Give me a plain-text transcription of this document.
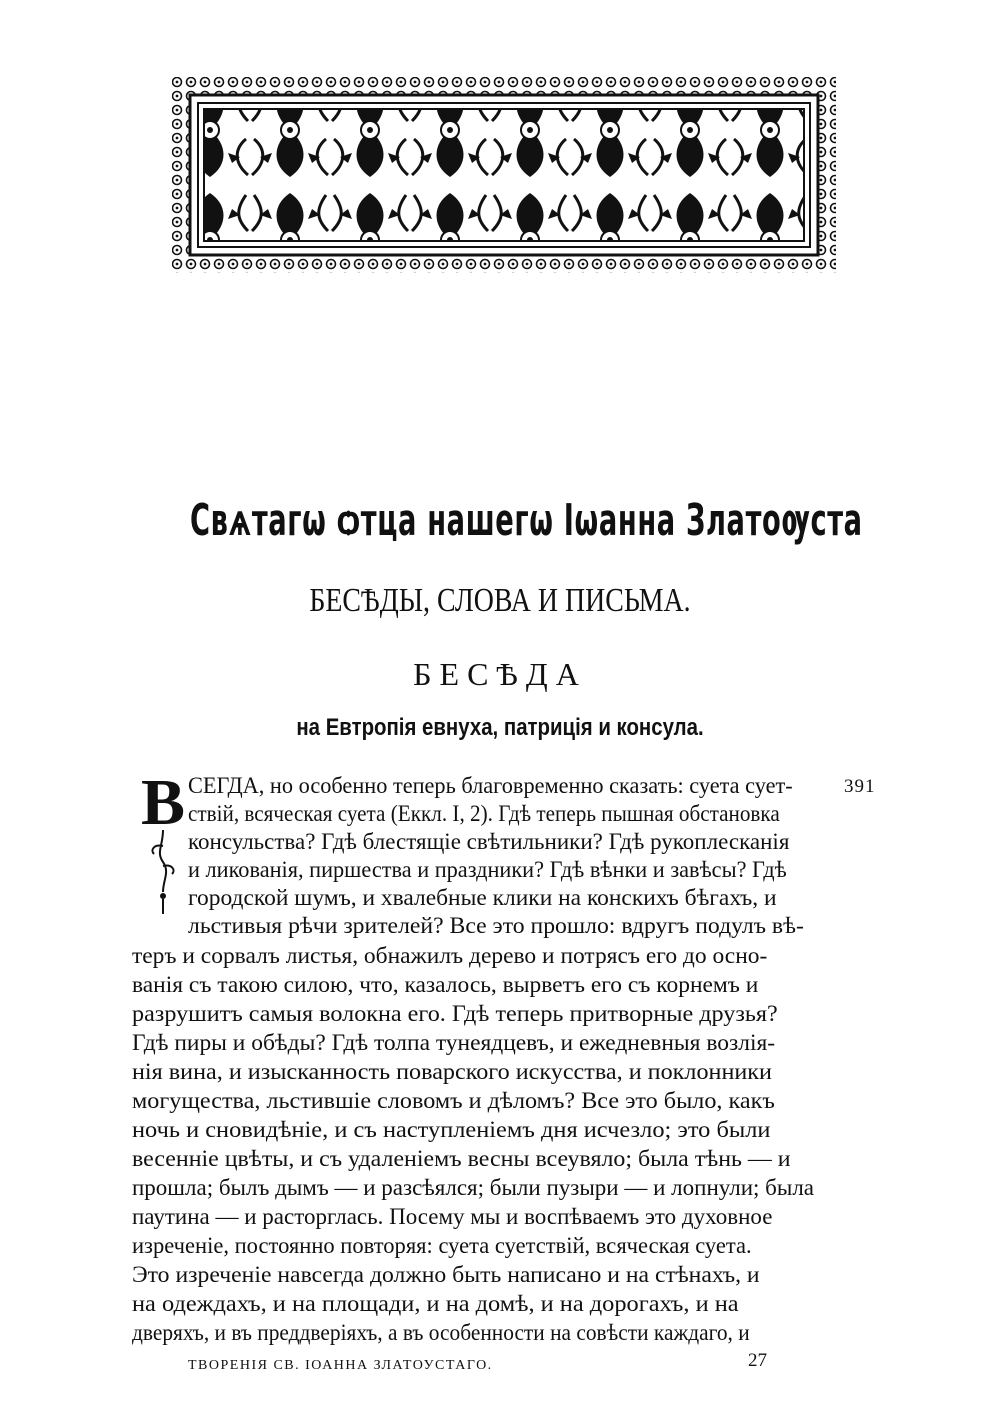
Свѧтагѡ ѻтца нашегѡ Іѡанна Златоѹста
БЕСѢДЫ, СЛОВА И ПИСЬМА.
БЕСѢДА
на Евтропія евнуха, патриція и консула.
В	391
СЕГДА, но особенно теперь благовременно сказать: суета сует-
ствій, всяческая суета (Еккл. I, 2). Гдѣ теперь пышная обстановка
консульства? Гдѣ блестящіе свѣтильники? Гдѣ рукоплесканія
и ликованія, пиршества и праздники? Гдѣ вѣнки и завѣсы? Гдѣ
городской шумъ, и хвалебные клики на конскихъ бѣгахъ, и
льстивыя рѣчи зрителей? Все это прошло: вдругъ подулъ вѣ-
теръ и сорвалъ листья, обнажилъ дерево и потрясъ его до осно-
ванія съ такою силою, что, казалось, вырветъ его съ корнемъ и
разрушитъ самыя волокна его. Гдѣ теперь притворные друзья?
Гдѣ пиры и обѣды? Гдѣ толпа тунеядцевъ, и ежедневныя возлія-
нія вина, и изысканность поварского искусства, и поклонники
могущества, льстившіе словомъ и дѣломъ? Все это было, какъ
ночь и сновидѣніе, и съ наступленіемъ дня исчезло; это были
весенніе цвѣты, и съ удаленіемъ весны всеувяло; была тѣнь — и
прошла; былъ дымъ — и разсѣялся; были пузыри — и лопнули; была
паутина — и расторглась. Посему мы и воспѣваемъ это духовное
изреченіе, постоянно повторяя: суета суетствій, всяческая суета.
Это изреченіе навсегда должно быть написано и на стѣнахъ, и
на одеждахъ, и на площади, и на домѣ, и на дорогахъ, и на
дверяхъ, и въ преддверіяхъ, а въ особенности на совѣсти каждаго, и
ТВОРЕНІЯ СВ. ІОАННА ЗЛАТОУСТАГО.	27
